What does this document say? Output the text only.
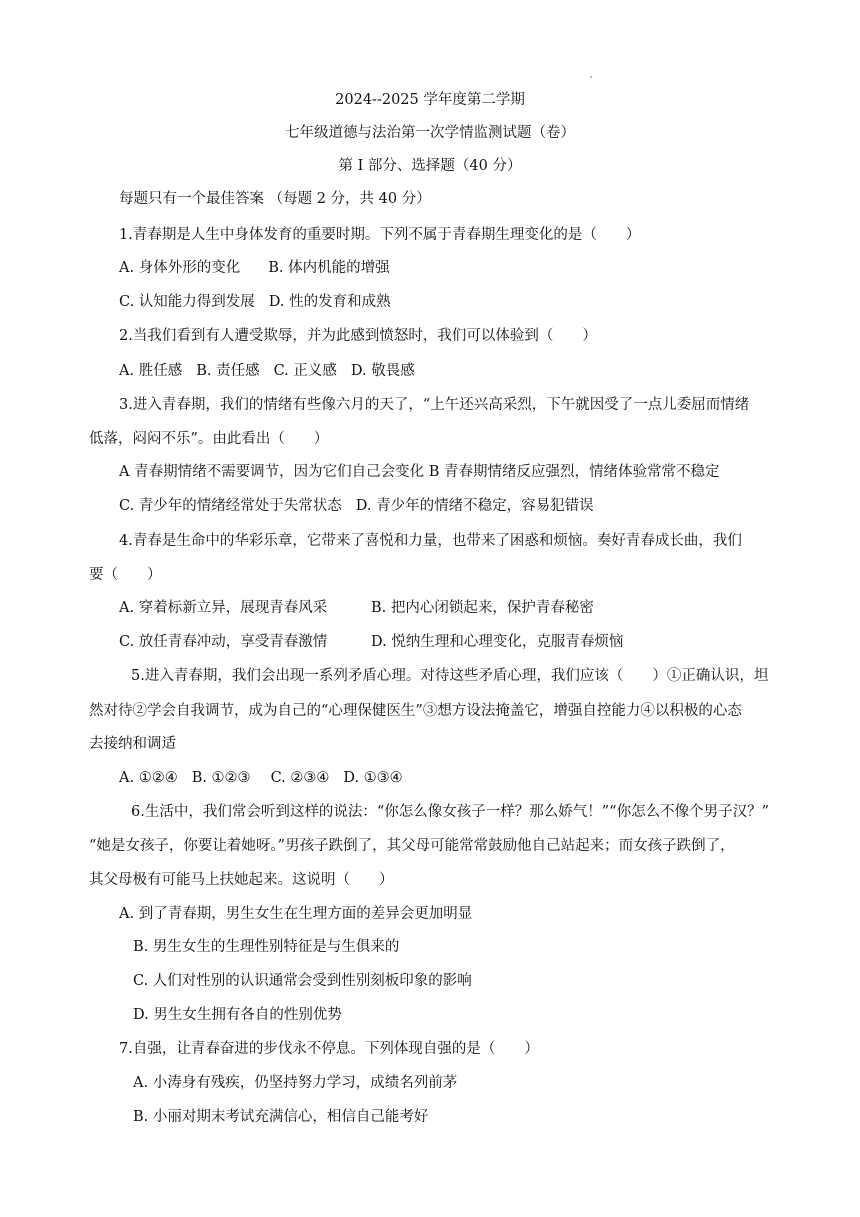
2024--2025 学年度第二学期
七年级道德与法治第一次学情监测试题（卷）
第 I 部分、选择题（40 分）
每题只有一个最佳答案 （每题 2 分，共 40 分）
1.青春期是人生中身体发育的重要时期。下列不属于青春期生理变化的是（　　）
A. 身体外形的变化 B. 体内机能的增强
C. 认知能力得到发展 D. 性的发育和成熟
2.当我们看到有人遭受欺辱，并为此感到愤怒时，我们可以体验到（　　）
A. 胜任感 B. 责任感 C. 正义感 D. 敬畏感
3.进入青春期，我们的情绪有些像六月的天了，“上午还兴高采烈，下午就因受了一点儿委屈而情绪
低落，闷闷不乐”。由此看出（　　）
A 青春期情绪不需要调节，因为它们自己会变化 B 青春期情绪反应强烈，情绪体验常常不稳定
C. 青少年的情绪经常处于失常状态 D. 青少年的情绪不稳定，容易犯错误
4.青春是生命中的华彩乐章，它带来了喜悦和力量，也带来了困惑和烦恼。奏好青春成长曲，我们
要（　　）
A. 穿着标新立异，展现青春风采	B. 把内心闭锁起来，保护青春秘密
C. 放任青春冲动，享受青春激情	D. 悦纳生理和心理变化，克服青春烦恼
5.进入青春期，我们会出现一系列矛盾心理。对待这些矛盾心理，我们应该（　　）①正确认识，坦
然对待②学会自我调节，成为自己的“心理保健医生”③想方设法掩盖它，增强自控能力④以积极的心态
去接纳和调适
A. ①②④ B. ①②③ C. ②③④ D. ①③④
6.生活中，我们常会听到这样的说法：“你怎么像女孩子一样？那么娇气！”“你怎么不像个男子汉？”
“她是女孩子，你要让着她呀。”男孩子跌倒了，其父母可能常常鼓励他自己站起来；而女孩子跌倒了，
其父母极有可能马上扶她起来。这说明（　　）
A. 到了青春期，男生女生在生理方面的差异会更加明显
B. 男生女生的生理性别特征是与生俱来的
C. 人们对性别的认识通常会受到性别刻板印象的影响
D. 男生女生拥有各自的性别优势
7.自强，让青春奋进的步伐永不停息。下列体现自强的是（　　）
A. 小涛身有残疾，仍坚持努力学习，成绩名列前茅
B. 小丽对期末考试充满信心，相信自己能考好
